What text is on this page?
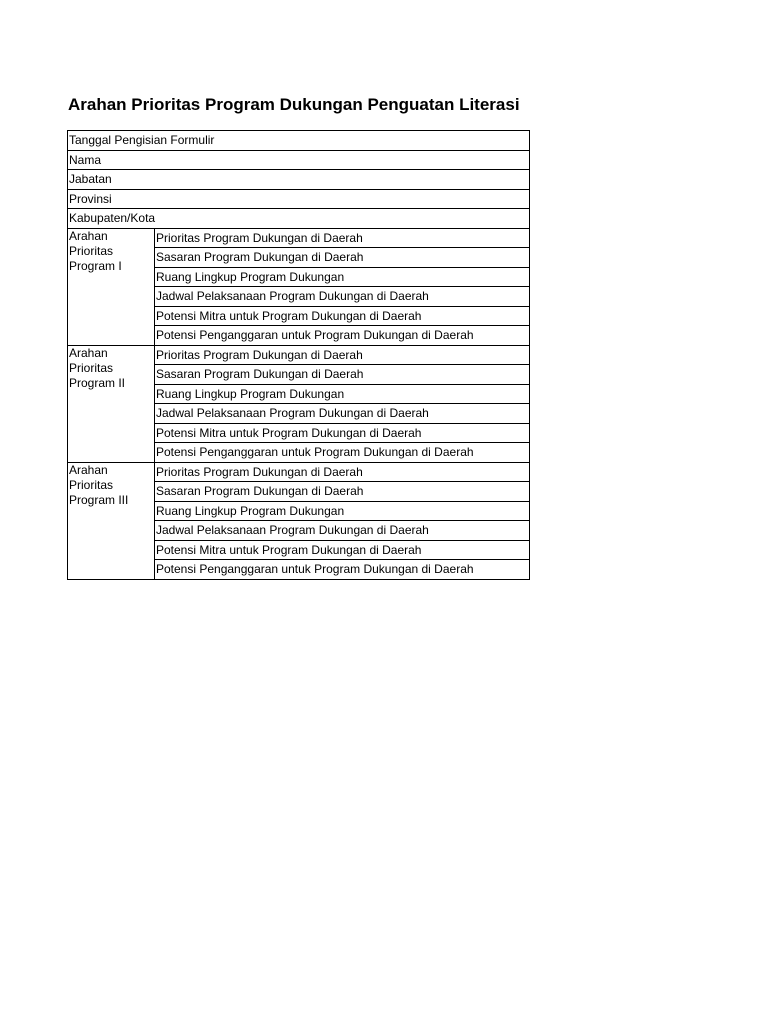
Arahan Prioritas Program Dukungan Penguatan Literasi
Tanggal Pengisian Formulir	
Nama	
Jabatan	
Provinsi	
Kabupaten/Kota	
Arahan Prioritas Program I	Prioritas Program Dukungan di Daerah
	Sasaran Program Dukungan di Daerah
	Ruang Lingkup Program Dukungan
	Jadwal Pelaksanaan Program Dukungan di Daerah
	Potensi Mitra untuk Program Dukungan di Daerah
	Potensi Penganggaran untuk Program Dukungan di Daerah
Arahan Prioritas Program II	Prioritas Program Dukungan di Daerah
	Sasaran Program Dukungan di Daerah
	Ruang Lingkup Program Dukungan
	Jadwal Pelaksanaan Program Dukungan di Daerah
	Potensi Mitra untuk Program Dukungan di Daerah
	Potensi Penganggaran untuk Program Dukungan di Daerah
Arahan Prioritas Program III	Prioritas Program Dukungan di Daerah
	Sasaran Program Dukungan di Daerah
	Ruang Lingkup Program Dukungan
	Jadwal Pelaksanaan Program Dukungan di Daerah
	Potensi Mitra untuk Program Dukungan di Daerah
	Potensi Penganggaran untuk Program Dukungan di Daerah
